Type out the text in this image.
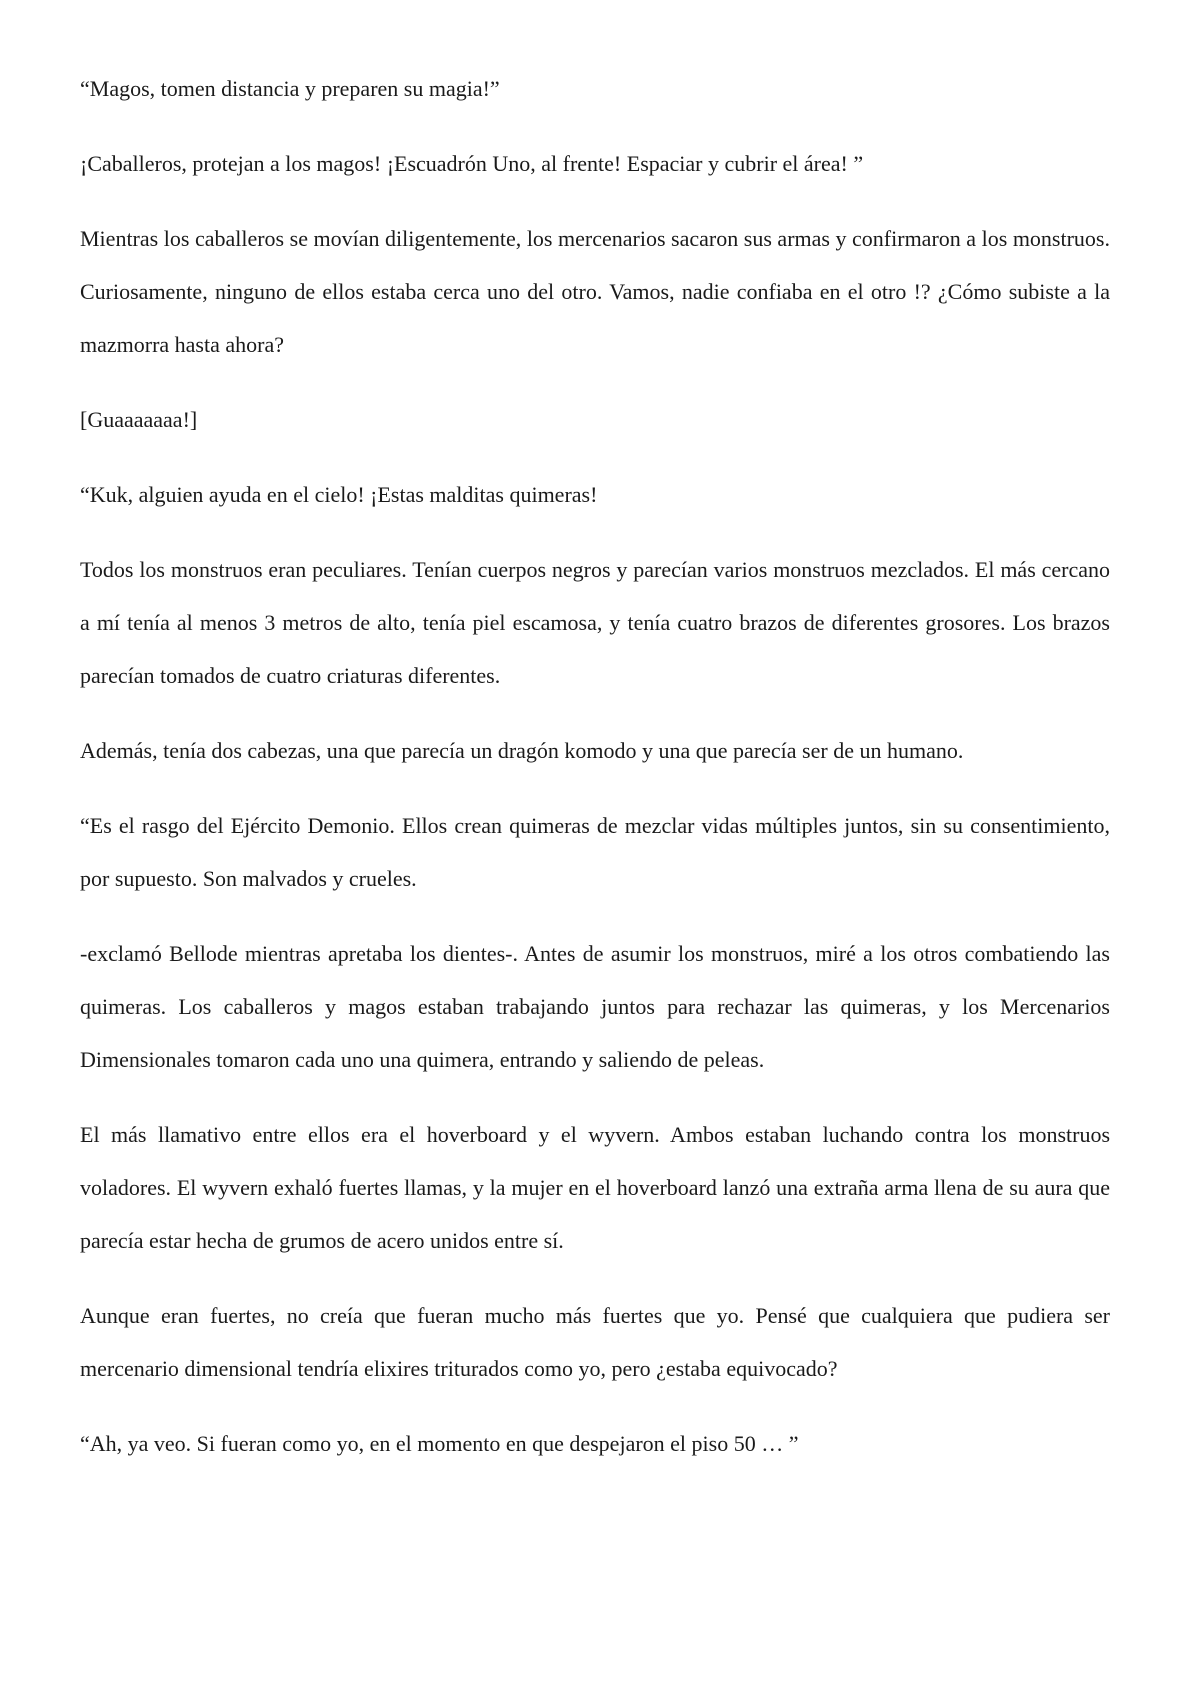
“Magos, tomen distancia y preparen su magia!”

¡Caballeros, protejan a los magos! ¡Escuadrón Uno, al frente! Espaciar y cubrir el área! ”

Mientras los caballeros se movían diligentemente, los mercenarios sacaron sus armas y confirmaron a los monstruos. Curiosamente, ninguno de ellos estaba cerca uno del otro. Vamos, nadie confiaba en el otro !? ¿Cómo subiste a la mazmorra hasta ahora?

[Guaaaaaaa!]

“Kuk, alguien ayuda en el cielo! ¡Estas malditas quimeras!

Todos los monstruos eran peculiares. Tenían cuerpos negros y parecían varios monstruos mezclados. El más cercano a mí tenía al menos 3 metros de alto, tenía piel escamosa, y tenía cuatro brazos de diferentes grosores. Los brazos parecían tomados de cuatro criaturas diferentes.

Además, tenía dos cabezas, una que parecía un dragón komodo y una que parecía ser de un humano.

“Es el rasgo del Ejército Demonio. Ellos crean quimeras de mezclar vidas múltiples juntos, sin su consentimiento, por supuesto. Son malvados y crueles.

-exclamó Bellode mientras apretaba los dientes-. Antes de asumir los monstruos, miré a los otros combatiendo las quimeras. Los caballeros y magos estaban trabajando juntos para rechazar las quimeras, y los Mercenarios Dimensionales tomaron cada uno una quimera, entrando y saliendo de peleas.

El más llamativo entre ellos era el hoverboard y el wyvern. Ambos estaban luchando contra los monstruos voladores. El wyvern exhaló fuertes llamas, y la mujer en el hoverboard lanzó una extraña arma llena de su aura que parecía estar hecha de grumos de acero unidos entre sí.

Aunque eran fuertes, no creía que fueran mucho más fuertes que yo. Pensé que cualquiera que pudiera ser mercenario dimensional tendría elixires triturados como yo, pero ¿estaba equivocado?

“Ah, ya veo. Si fueran como yo, en el momento en que despejaron el piso 50 … ”
